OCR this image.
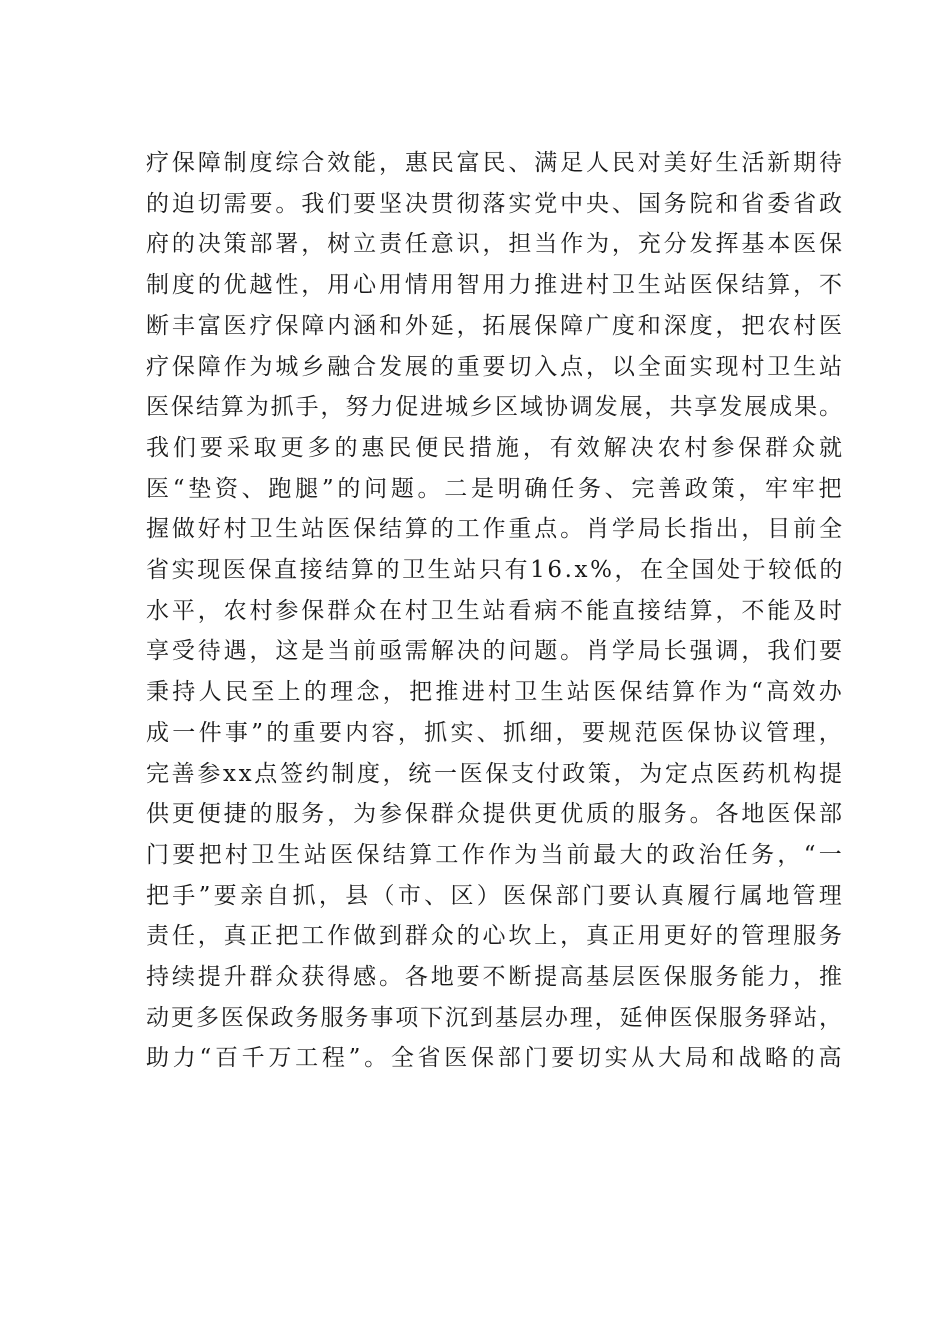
疗保障制度综合效能，惠民富民、满足人民对美好生活新期待
的迫切需要。我们要坚决贯彻落实党中央、国务院和省委省政
府的决策部署，树立责任意识，担当作为，充分发挥基本医保
制度的优越性，用心用情用智用力推进村卫生站医保结算，不
断丰富医疗保障内涵和外延，拓展保障广度和深度，把农村医
疗保障作为城乡融合发展的重要切入点，以全面实现村卫生站
医保结算为抓手，努力促进城乡区域协调发展，共享发展成果。
我们要采取更多的惠民便民措施，有效解决农村参保群众就
医“垫资、跑腿”的问题。二是明确任务、完善政策，牢牢把
握做好村卫生站医保结算的工作重点。肖学局长指出，目前全
省实现医保直接结算的卫生站只有16.x%，在全国处于较低的
水平，农村参保群众在村卫生站看病不能直接结算，不能及时
享受待遇，这是当前亟需解决的问题。肖学局长强调，我们要
秉持人民至上的理念，把推进村卫生站医保结算作为“高效办
成一件事”的重要内容，抓实、抓细，要规范医保协议管理，
完善参xx点签约制度，统一医保支付政策，为定点医药机构提
供更便捷的服务，为参保群众提供更优质的服务。各地医保部
门要把村卫生站医保结算工作作为当前最大的政治任务，“一
把手”要亲自抓，县（市、区）医保部门要认真履行属地管理
责任，真正把工作做到群众的心坎上，真正用更好的管理服务
持续提升群众获得感。各地要不断提高基层医保服务能力，推
动更多医保政务服务事项下沉到基层办理，延伸医保服务驿站，
助力“百千万工程”。全省医保部门要切实从大局和战略的高
